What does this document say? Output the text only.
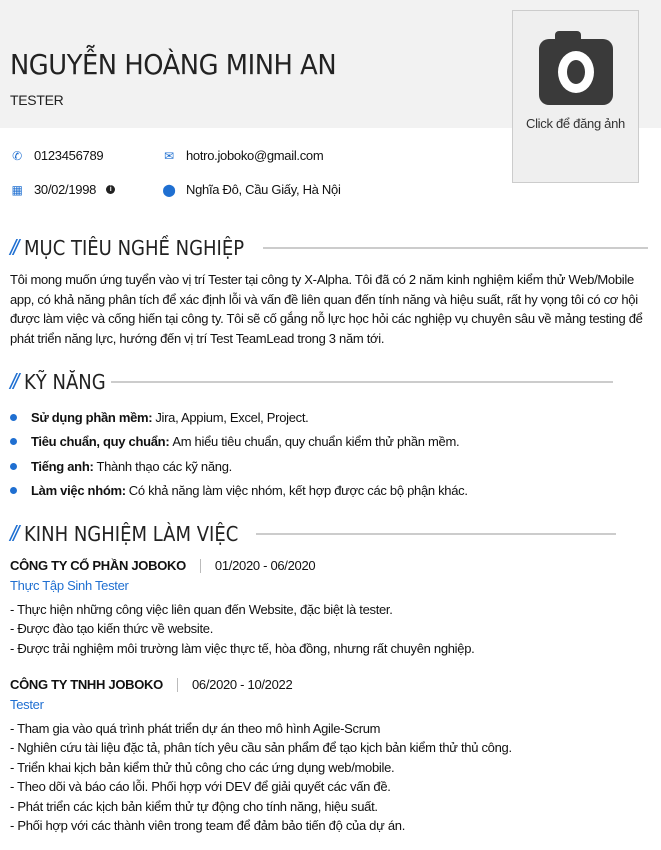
NGUYỄN HOÀNG MINH AN
TESTER
Click để đăng ảnh
✆ 0123456789	✉ hotro.joboko@gmail.com
▦ 30/02/1998	i	⬤ Nghĩa Đô, Cầu Giấy, Hà Nội
// MỤC TIÊU NGHỀ NGHIỆP
Tôi mong muốn ứng tuyển vào vị trí Tester tại công ty X-Alpha. Tôi đã có 2 năm kinh nghiệm kiểm thử Web/Mobile app, có khả năng phân tích để xác định lỗi và vấn đề liên quan đến tính năng và hiệu suất, rất hy vọng tôi có cơ hội được làm việc và cống hiến tại công ty. Tôi sẽ cố gắng nỗ lực học hỏi các nghiệp vụ chuyên sâu về mảng testing để phát triển năng lực, hướng đến vị trí Test TeamLead trong 3 năm tới.
// KỸ NĂNG
Sử dụng phần mềm: Jira, Appium, Excel, Project.
Tiêu chuẩn, quy chuẩn: Am hiểu tiêu chuẩn, quy chuẩn kiểm thử phần mềm.
Tiếng anh: Thành thạo các kỹ năng.
Làm việc nhóm: Có khả năng làm việc nhóm, kết hợp được các bộ phận khác.
// KINH NGHIỆM LÀM VIỆC
CÔNG TY CỔ PHẦN JOBOKO 01/2020 - 06/2020
Thực Tập Sinh Tester
- Thực hiện những công việc liên quan đến Website, đặc biệt là tester.
- Được đào tạo kiến thức về website.
- Được trải nghiệm môi trường làm việc thực tế, hòa đồng, nhưng rất chuyên nghiệp.
CÔNG TY TNHH JOBOKO 06/2020 - 10/2022
Tester
- Tham gia vào quá trình phát triển dự án theo mô hình Agile-Scrum
- Nghiên cứu tài liệu đặc tả, phân tích yêu cầu sản phẩm để tạo kịch bản kiểm thử thủ công.
- Triển khai kịch bản kiểm thử thủ công cho các ứng dụng web/mobile.
- Theo dõi và báo cáo lỗi. Phối hợp với DEV để giải quyết các vấn đề.
- Phát triển các kịch bản kiểm thử tự động cho tính năng, hiệu suất.
- Phối hợp với các thành viên trong team để đảm bảo tiến độ của dự án.
